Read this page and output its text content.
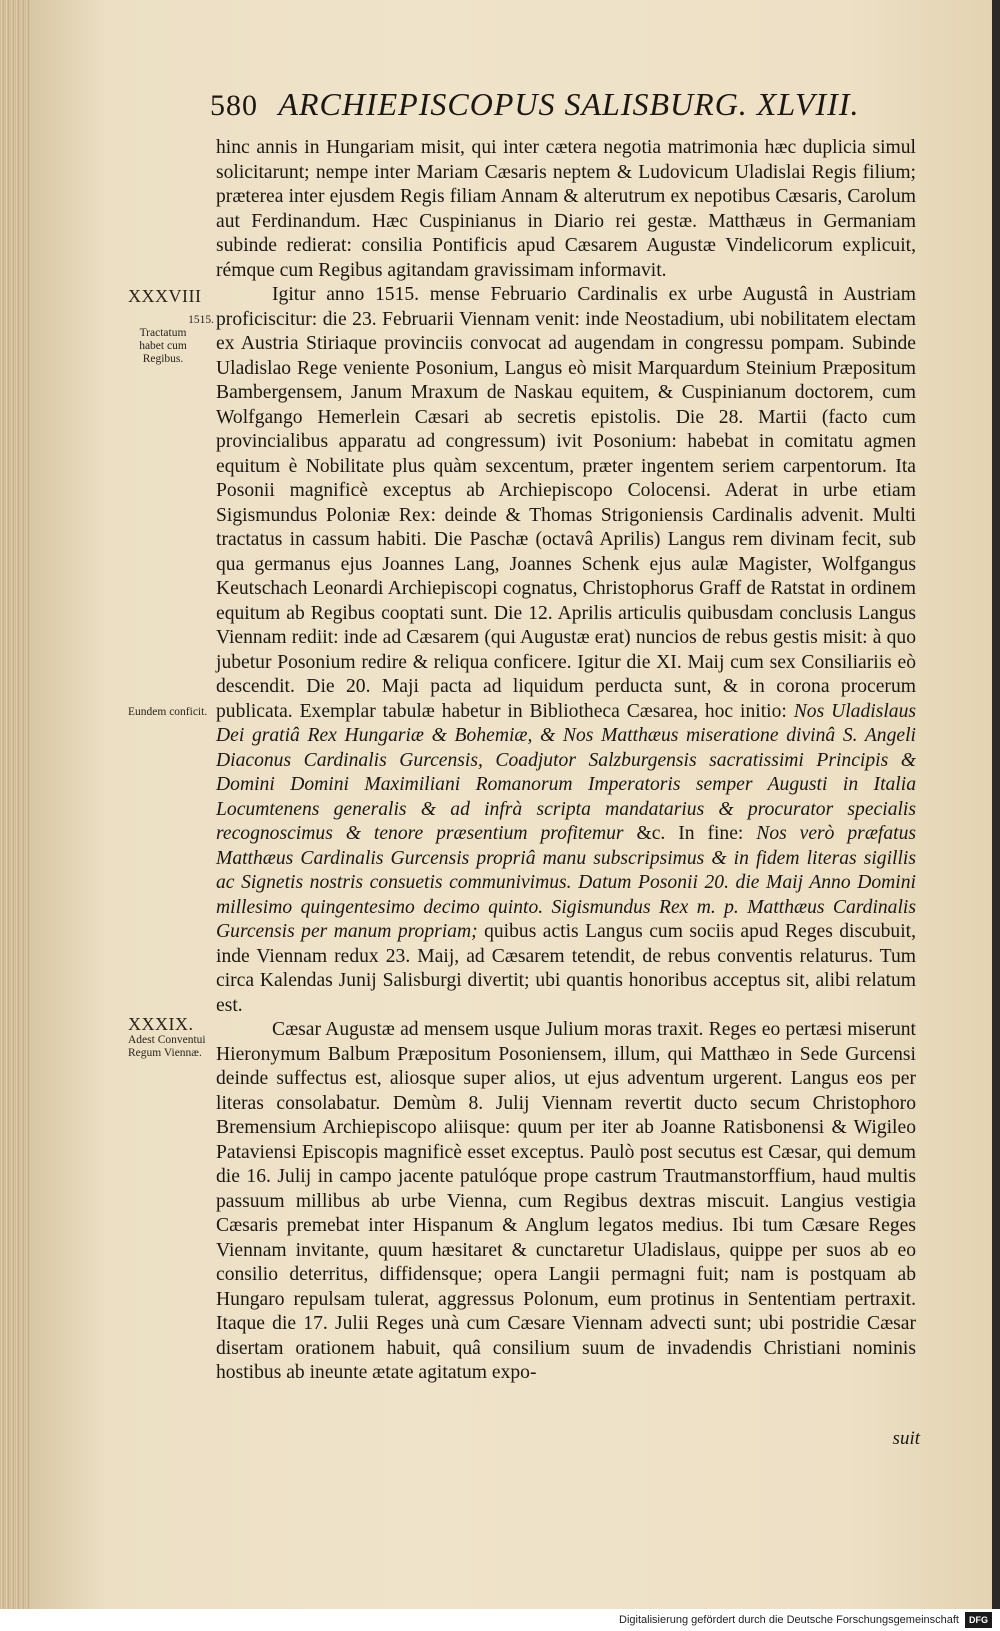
580 ARCHIEPISCOPUS SALISBURG. XLVIII.
XXXVIII
1515.
Tractatum habet cum Regibus.
Eundem conficit.
XXXIX.
Adest Conventui Regum Viennæ.

hinc annis in Hungariam misit, qui inter cætera negotia matrimonia hæc duplicia simul solicitarunt; nempe inter Mariam Cæsaris neptem & Ludovicum Uladislai Regis filium; præterea inter ejusdem Regis filiam Annam & alterutrum ex nepotibus Cæsaris, Carolum aut Ferdinandum. Hæc Cuspinianus in Diario rei gestæ. Matthæus in Germaniam subinde redierat: consilia Pontificis apud Cæsarem Augustæ Vindelicorum explicuit, rémque cum Regibus agitandam gravissimam informavit.

Igitur anno 1515. mense Februario Cardinalis ex urbe Augustâ in Austriam proficiscitur: die 23. Februarii Viennam venit: inde Neostadium, ubi nobilitatem electam ex Austria Stiriaque provinciis convocat ad augendam in congressu pompam. Subinde Uladislao Rege veniente Posonium, Langus eò misit Marquardum Steinium Præpositum Bambergensem, Janum Mraxum de Naskau equitem, & Cuspinianum doctorem, cum Wolfgango Hemerlein Cæsari ab secretis epistolis. Die 28. Martii (facto cum provincialibus apparatu ad congressum) ivit Posonium: habebat in comitatu agmen equitum è Nobilitate plus quàm sexcentum, præter ingentem seriem carpentorum. Ita Posonii magnificè exceptus ab Archiepiscopo Colocensi. Aderat in urbe etiam Sigismundus Poloniæ Rex: deinde & Thomas Strigoniensis Cardinalis advenit. Multi tractatus in cassum habiti. Die Paschæ (octavâ Aprilis) Langus rem divinam fecit, sub qua germanus ejus Joannes Lang, Joannes Schenk ejus aulæ Magister, Wolfgangus Keutschach Leonardi Archiepiscopi cognatus, Christophorus Graff de Ratstat in ordinem equitum ab Regibus cooptati sunt. Die 12. Aprilis articulis quibusdam conclusis Langus Viennam rediit: inde ad Cæsarem (qui Augustæ erat) nuncios de rebus gestis misit: à quo jubetur Posonium redire & reliqua conficere. Igitur die XI. Maij cum sex Consiliariis eò descendit. Die 20. Maji pacta ad liquidum perducta sunt, & in corona procerum publicata. Exemplar tabulæ habetur in Bibliotheca Cæsarea, hoc initio: Nos Uladislaus Dei gratiâ Rex Hungariæ & Bohemiæ, & Nos Matthæus miseratione divinâ S. Angeli Diaconus Cardinalis Gurcensis, Coadjutor Salzburgensis sacratissimi Principis & Domini Domini Maximiliani Romanorum Imperatoris semper Augusti in Italia Locumtenens generalis & ad infrà scripta mandatarius & procurator specialis recognoscimus & tenore præsentium profitemur &c. In fine: Nos verò præfatus Matthæus Cardinalis Gurcensis propriâ manu subscripsimus & in fidem literas sigillis ac Signetis nostris consuetis communivimus. Datum Posonii 20. die Maij Anno Domini millesimo quingentesimo decimo quinto. Sigismundus Rex m. p. Matthæus Cardinalis Gurcensis per manum propriam; quibus actis Langus cum sociis apud Reges discubuit, inde Viennam redux 23. Maij, ad Cæsarem tetendit, de rebus conventis relaturus. Tum circa Kalendas Junij Salisburgi divertit; ubi quantis honoribus acceptus sit, alibi relatum est.

Cæsar Augustæ ad mensem usque Julium moras traxit. Reges eo pertæsi miserunt Hieronymum Balbum Præpositum Posoniensem, illum, qui Matthæo in Sede Gurcensi deinde suffectus est, aliosque super alios, ut ejus adventum urgerent. Langus eos per literas consolabatur. Demùm 8. Julij Viennam revertit ducto secum Christophoro Bremensium Archiepiscopo aliisque: quum per iter ab Joanne Ratisbonensi & Wigileo Pataviensi Episcopis magnificè esset exceptus. Paulò post secutus est Cæsar, qui demum die 16. Julij in campo jacente patulóque prope castrum Trautmanstorffium, haud multis passuum millibus ab urbe Vienna, cum Regibus dextras miscuit. Langius vestigia Cæsaris premebat inter Hispanum & Anglum legatos medius. Ibi tum Cæsare Reges Viennam invitante, quum hæsitaret & cunctaretur Uladislaus, quippe per suos ab eo consilio deterritus, diffidensque; opera Langii permagni fuit; nam is postquam ab Hungaro repulsam tulerat, aggressus Polonum, eum protinus in Sententiam pertraxit. Itaque die 17. Julii Reges unà cum Cæsare Viennam advecti sunt; ubi postridie Cæsar disertam orationem habuit, quâ consilium suum de invadendis Christiani nominis hostibus ab ineunte ætate agitatum expo-

suit
Digitalisierung gefördert durch die Deutsche Forschungsgemeinschaft DFG
